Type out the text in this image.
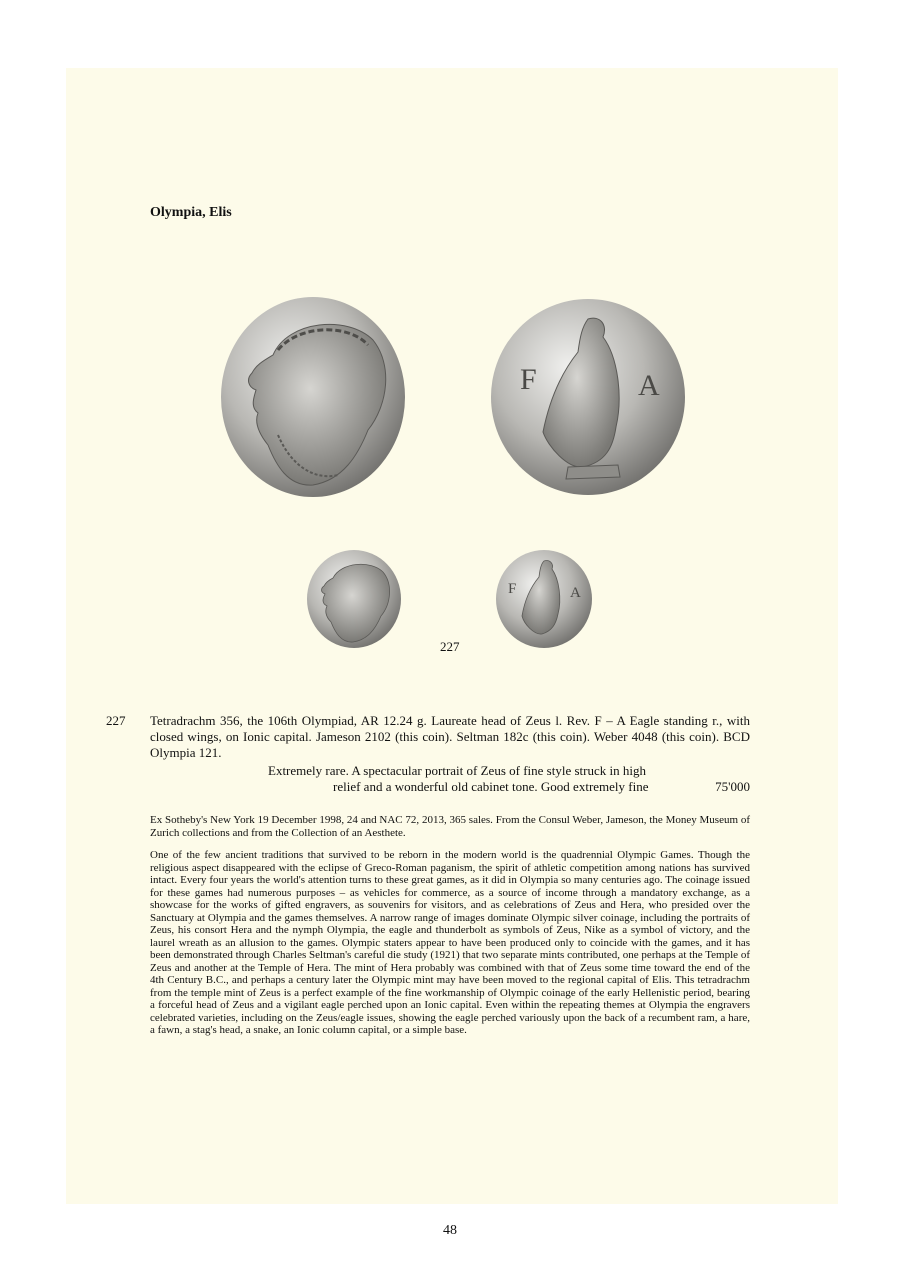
Olympia, Elis
F	A
F	A
227
227 Tetradrachm 356, the 106th Olympiad, AR 12.24 g. Laureate head of Zeus l. Rev. F – A Eagle standing r., with closed wings, on Ionic capital. Jameson 2102 (this coin). Seltman 182c (this coin). Weber 4048 (this coin). BCD Olympia 121.
Extremely rare. A spectacular portrait of Zeus of fine style struck in high
relief and a wonderful old cabinet tone. Good extremely fine	75'000
Ex Sotheby's New York 19 December 1998, 24 and NAC 72, 2013, 365 sales. From the Consul Weber, Jameson, the Money Museum of Zurich collections and from the Collection of an Aesthete.
One of the few ancient traditions that survived to be reborn in the modern world is the quadrennial Olympic Games. Though the religious aspect disappeared with the eclipse of Greco-Roman paganism, the spirit of athletic competition among nations has survived intact. Every four years the world's attention turns to these great games, as it did in Olympia so many centuries ago. The coinage issued for these games had numerous purposes – as vehicles for commerce, as a source of income through a mandatory exchange, as a showcase for the works of gifted engravers, as souvenirs for visitors, and as celebrations of Zeus and Hera, who presided over the Sanctuary at Olympia and the games themselves. A narrow range of images dominate Olympic silver coinage, including the portraits of Zeus, his consort Hera and the nymph Olympia, the eagle and thunderbolt as symbols of Zeus, Nike as a symbol of victory, and the laurel wreath as an allusion to the games. Olympic staters appear to have been produced only to coincide with the games, and it has been demonstrated through Charles Seltman's careful die study (1921) that two separate mints contributed, one perhaps at the Temple of Zeus and another at the Temple of Hera. The mint of Hera probably was combined with that of Zeus some time toward the end of the 4th Century B.C., and perhaps a century later the Olympic mint may have been moved to the regional capital of Elis. This tetradrachm from the temple mint of Zeus is a perfect example of the fine workmanship of Olympic coinage of the early Hellenistic period, bearing a forceful head of Zeus and a vigilant eagle perched upon an Ionic capital. Even within the repeating themes at Olympia the engravers celebrated varieties, including on the Zeus/eagle issues, showing the eagle perched variously upon the back of a recumbent ram, a hare, a fawn, a stag's head, a snake, an Ionic column capital, or a simple base.
48
